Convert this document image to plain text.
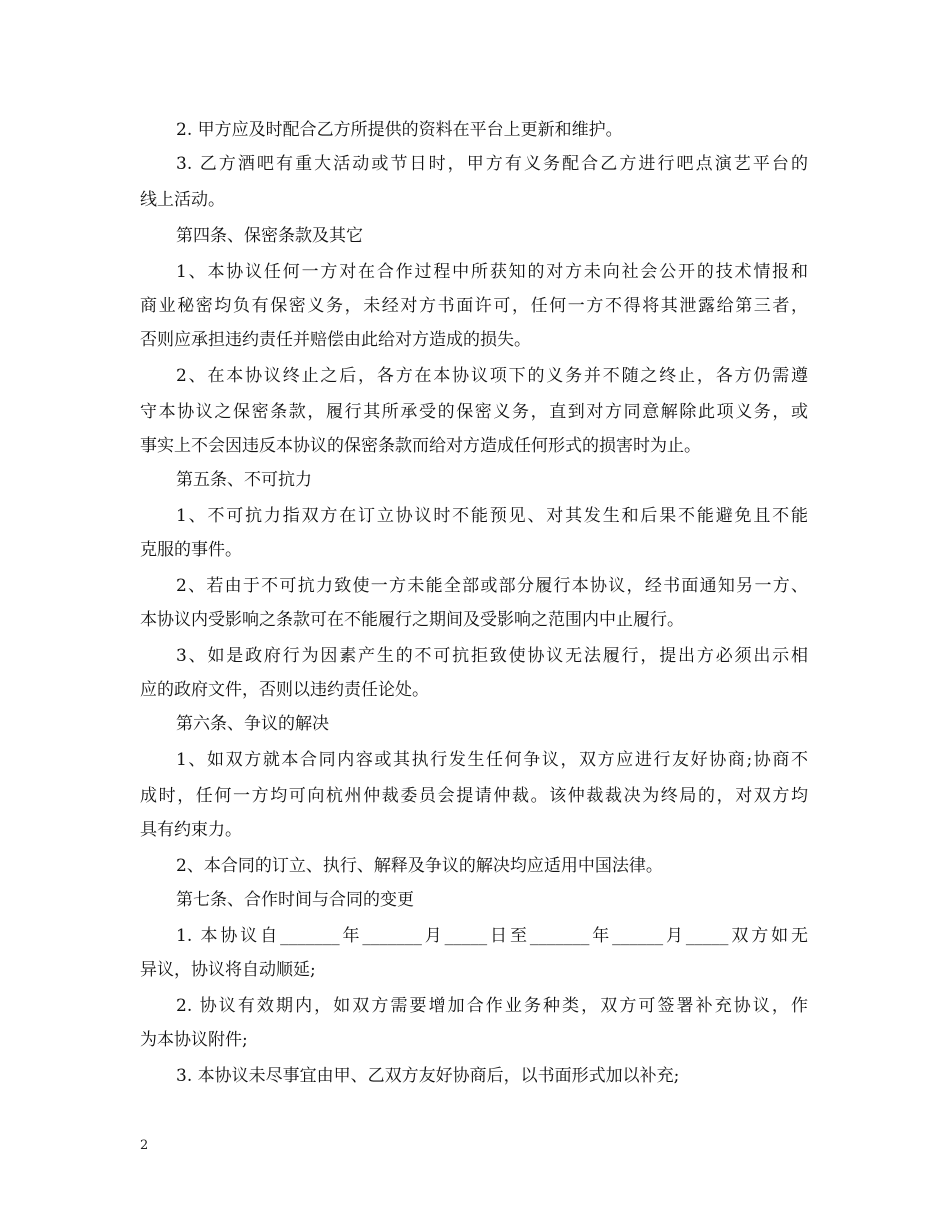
2. 甲方应及时配合乙方所提供的资料在平台上更新和维护。
3. 乙方酒吧有重大活动或节日时，甲方有义务配合乙方进行吧点演艺平台的
线上活动。
第四条、保密条款及其它
1、本协议任何一方对在合作过程中所获知的对方未向社会公开的技术情报和
商业秘密均负有保密义务，未经对方书面许可，任何一方不得将其泄露给第三者，
否则应承担违约责任并赔偿由此给对方造成的损失。
2、在本协议终止之后，各方在本协议项下的义务并不随之终止，各方仍需遵
守本协议之保密条款，履行其所承受的保密义务，直到对方同意解除此项义务，或
事实上不会因违反本协议的保密条款而给对方造成任何形式的损害时为止。
第五条、不可抗力
1、不可抗力指双方在订立协议时不能预见、对其发生和后果不能避免且不能
克服的事件。
2、若由于不可抗力致使一方未能全部或部分履行本协议，经书面通知另一方、
本协议内受影响之条款可在不能履行之期间及受影响之范围内中止履行。
3、如是政府行为因素产生的不可抗拒致使协议无法履行，提出方必须出示相
应的政府文件，否则以违约责任论处。
第六条、争议的解决
1、如双方就本合同内容或其执行发生任何争议，双方应进行友好协商;协商不
成时，任何一方均可向杭州仲裁委员会提请仲裁。该仲裁裁决为终局的，对双方均
具有约束力。
2、本合同的订立、执行、解释及争议的解决均应适用中国法律。
第七条、合作时间与合同的变更
1. 本协议自_______年_______月_____日至_______年______月_____双方如无
异议，协议将自动顺延;
2. 协议有效期内，如双方需要增加合作业务种类，双方可签署补充协议，作
为本协议附件;
3. 本协议未尽事宜由甲、乙双方友好协商后，以书面形式加以补充;
2
